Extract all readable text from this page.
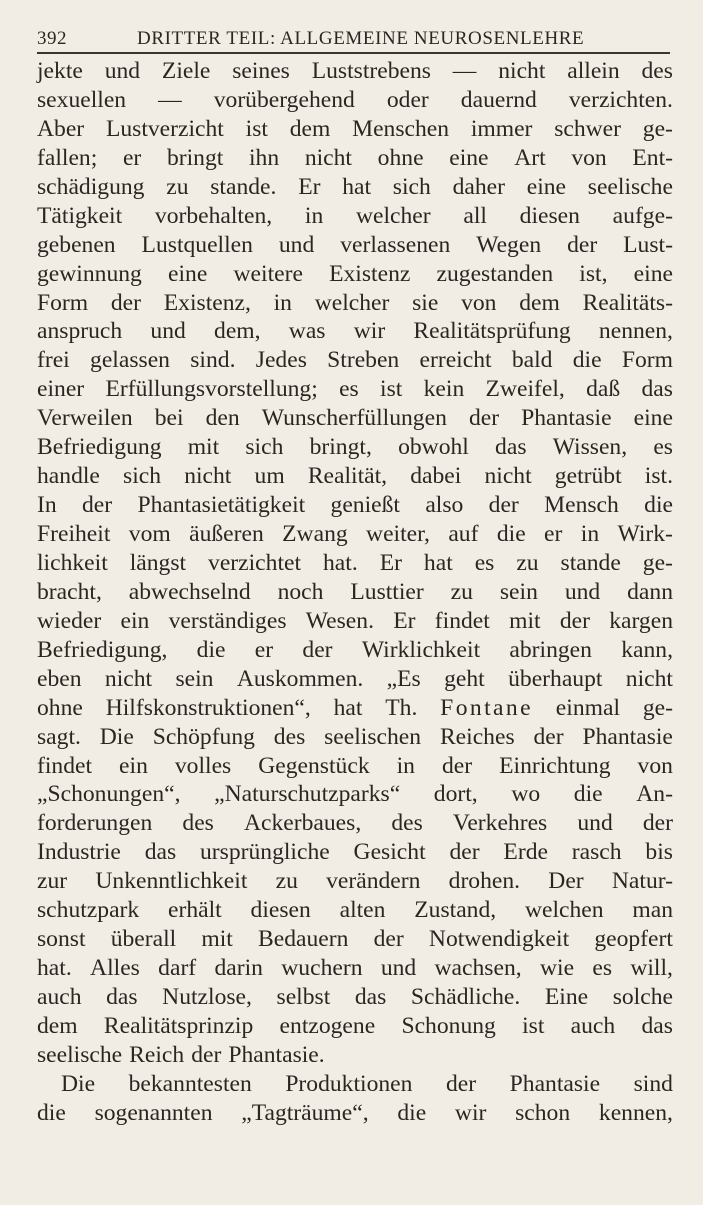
392	DRITTER TEIL: ALLGEMEINE NEUROSENLEHRE
jekte und Ziele seines Luststrebens — nicht allein des
sexuellen — vorübergehend oder dauernd verzichten.
Aber Lustverzicht ist dem Menschen immer schwer ge-
fallen; er bringt ihn nicht ohne eine Art von Ent-
schädigung zu stande. Er hat sich daher eine seelische
Tätigkeit vorbehalten, in welcher all diesen aufge-
gebenen Lustquellen und verlassenen Wegen der Lust-
gewinnung eine weitere Existenz zugestanden ist, eine
Form der Existenz, in welcher sie von dem Realitäts-
anspruch und dem, was wir Realitätsprüfung nennen,
frei gelassen sind. Jedes Streben erreicht bald die Form
einer Erfüllungsvorstellung; es ist kein Zweifel, daß das
Verweilen bei den Wunscherfüllungen der Phantasie eine
Befriedigung mit sich bringt, obwohl das Wissen, es
handle sich nicht um Realität, dabei nicht getrübt ist.
In der Phantasietätigkeit genießt also der Mensch die
Freiheit vom äußeren Zwang weiter, auf die er in Wirk-
lichkeit längst verzichtet hat. Er hat es zu stande ge-
bracht, abwechselnd noch Lusttier zu sein und dann
wieder ein verständiges Wesen. Er findet mit der kargen
Befriedigung, die er der Wirklichkeit abringen kann,
eben nicht sein Auskommen. „Es geht überhaupt nicht
ohne Hilfskonstruktionen“, hat Th. Fontane einmal ge-
sagt. Die Schöpfung des seelischen Reiches der Phantasie
findet ein volles Gegenstück in der Einrichtung von
„Schonungen“, „Naturschutzparks“ dort, wo die An-
forderungen des Ackerbaues, des Verkehres und der
Industrie das ursprüngliche Gesicht der Erde rasch bis
zur Unkenntlichkeit zu verändern drohen. Der Natur-
schutzpark erhält diesen alten Zustand, welchen man
sonst überall mit Bedauern der Notwendigkeit geopfert
hat. Alles darf darin wuchern und wachsen, wie es will,
auch das Nutzlose, selbst das Schädliche. Eine solche
dem Realitätsprinzip entzogene Schonung ist auch das
seelische Reich der Phantasie.
Die bekanntesten Produktionen der Phantasie sind
die sogenannten „Tagträume“, die wir schon kennen,
